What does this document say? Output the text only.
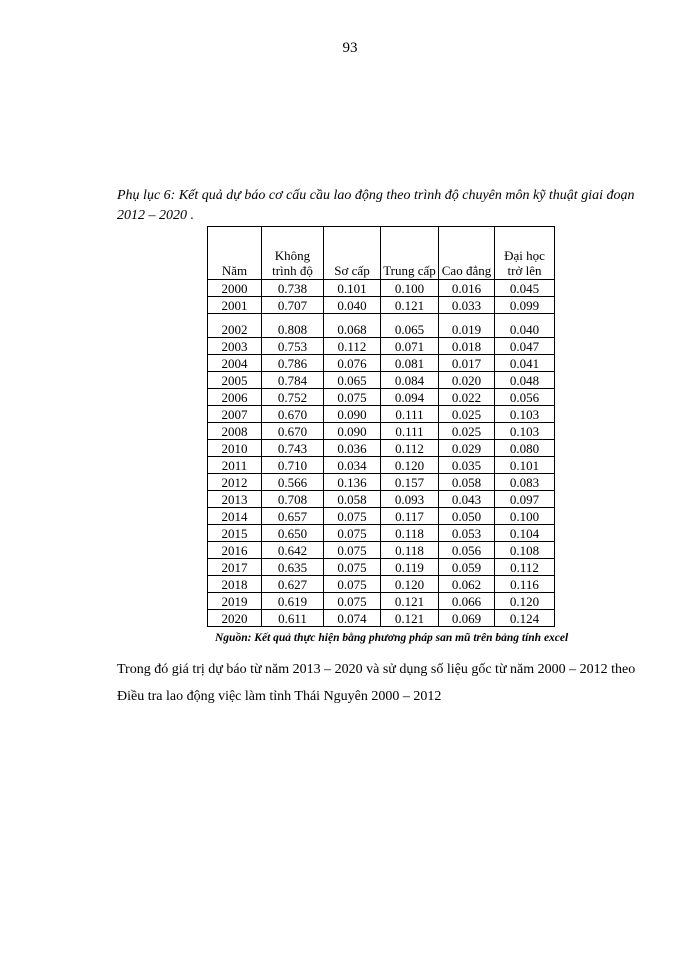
93
Phụ lục 6: Kết quả dự báo cơ cấu cầu lao động theo trình độ chuyên môn kỹ thuật giai đoạn 2012 – 2020 .
Năm	Không trình độ	Sơ cấp	Trung cấp	Cao đẳng	Đại học trở lên
2000	0.738	0.101	0.100	0.016	0.045
2001	0.707	0.040	0.121	0.033	0.099
2002	0.808	0.068	0.065	0.019	0.040
2003	0.753	0.112	0.071	0.018	0.047
2004	0.786	0.076	0.081	0.017	0.041
2005	0.784	0.065	0.084	0.020	0.048
2006	0.752	0.075	0.094	0.022	0.056
2007	0.670	0.090	0.111	0.025	0.103
2008	0.670	0.090	0.111	0.025	0.103
2010	0.743	0.036	0.112	0.029	0.080
2011	0.710	0.034	0.120	0.035	0.101
2012	0.566	0.136	0.157	0.058	0.083
2013	0.708	0.058	0.093	0.043	0.097
2014	0.657	0.075	0.117	0.050	0.100
2015	0.650	0.075	0.118	0.053	0.104
2016	0.642	0.075	0.118	0.056	0.108
2017	0.635	0.075	0.119	0.059	0.112
2018	0.627	0.075	0.120	0.062	0.116
2019	0.619	0.075	0.121	0.066	0.120
2020	0.611	0.074	0.121	0.069	0.124
Nguồn: Kết quả thực hiện bằng phương pháp san mũ trên bảng tính excel

Trong đó giá trị dự báo từ năm 2013 – 2020 và sử dụng số liệu gốc từ năm 2000 – 2012 theo Điều tra lao động việc làm tỉnh Thái Nguyên 2000 – 2012
